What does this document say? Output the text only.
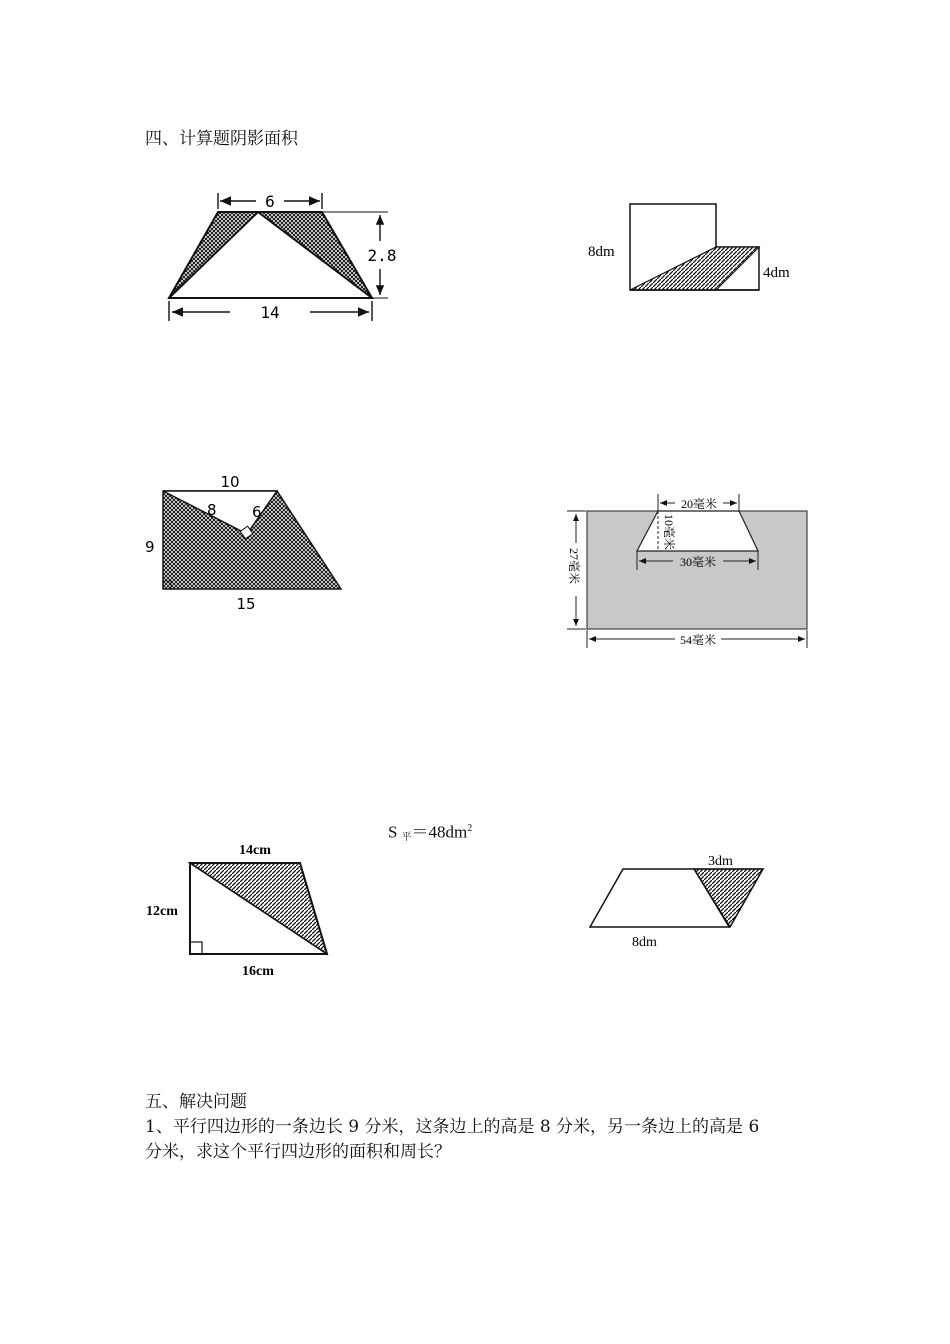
四、计算题阴影面积
6
2.8
14
8dm
4dm
10
8 6
9
15
20毫米
10毫米
30毫米
27毫米
54毫米
S平$=48dm^2$
14cm
12cm
16cm
3dm
8dm
五、解决问题
1、平行四边形的一条边长 9 分米，这条边上的高是 8 分米，另一条边上的高是 6
分米，求这个平行四边形的面积和周长？
